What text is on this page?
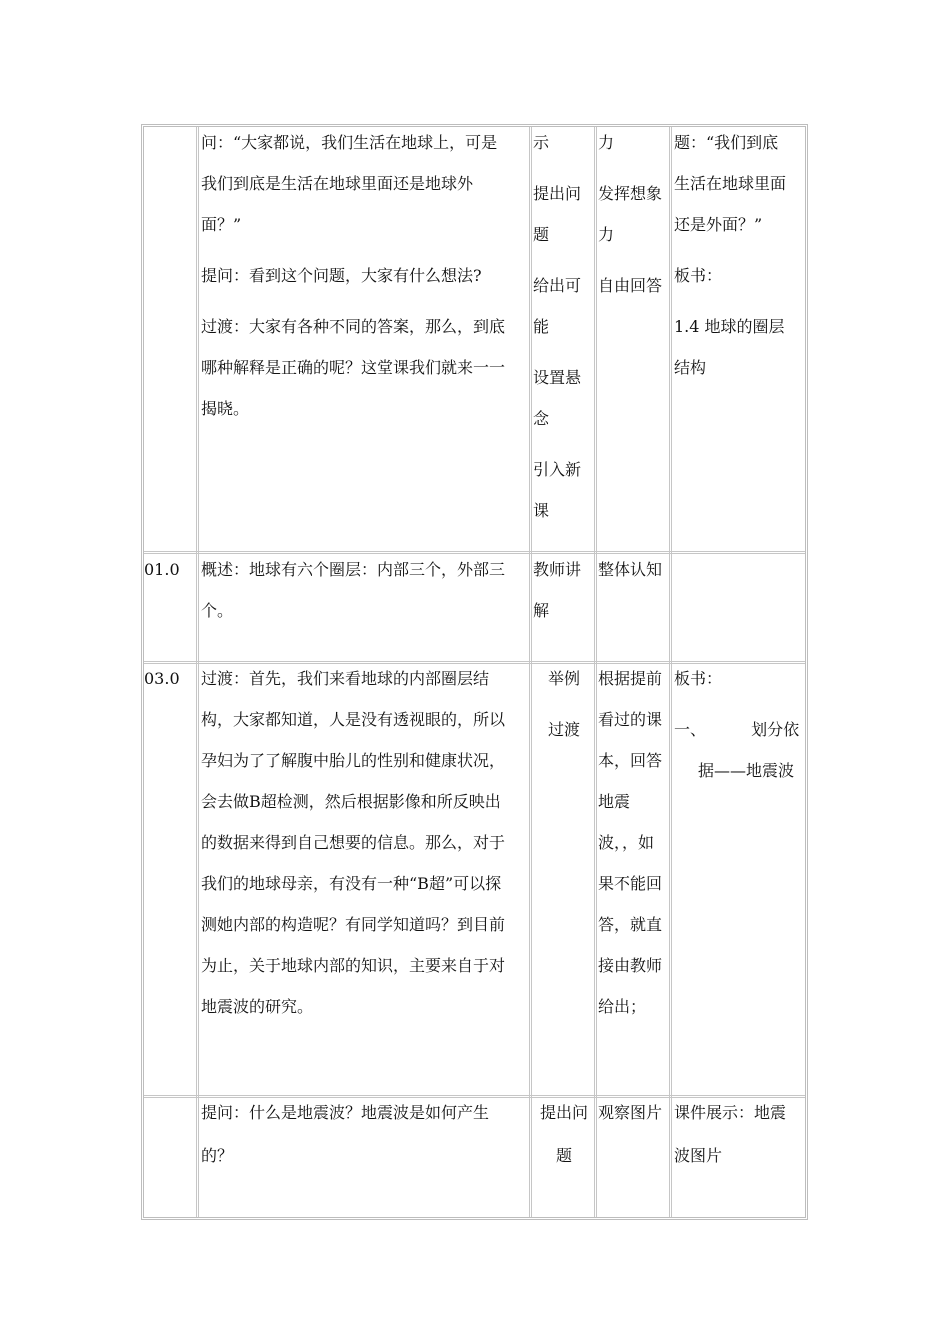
问：“大家都说，我们生活在地球上，可是

我们到底是生活在地球里面还是地球外

面？”

提问：看到这个问题，大家有什么想法?

过渡：大家有各种不同的答案，那么，到底

哪种解释是正确的呢？这堂课我们就来一一

揭晓。

示

提出问

题

给出可

能

设置悬

念

引入新

课

力

发挥想象

力

自由回答

题：“我们到底

生活在地球里面

还是外面？”

板书：

1.4 地球的圈层

结构

01.0 概述：地球有六个圈层：内部三个，外部三

个。

教师讲

解

整体认知

03.0 过渡：首先，我们来看地球的内部圈层结

构，大家都知道，人是没有透视眼的，所以

孕妇为了了解腹中胎儿的性别和健康状况，

会去做B超检测，然后根据影像和所反映出

的数据来得到自己想要的信息。那么，对于

我们的地球母亲，有没有一种“B超”可以探

测她内部的构造呢？有同学知道吗？到目前

为止，关于地球内部的知识，主要来自于对

地震波的研究。

举例

过渡

根据提前

看过的课

本，回答

地震

波，，如

果不能回

答，就直

接由教师

给出；

板书：

一、 划分依

据——地震波

提问：什么是地震波？地震波是如何产生

的？

提出问

题

观察图片 课件展示：地震

波图片
